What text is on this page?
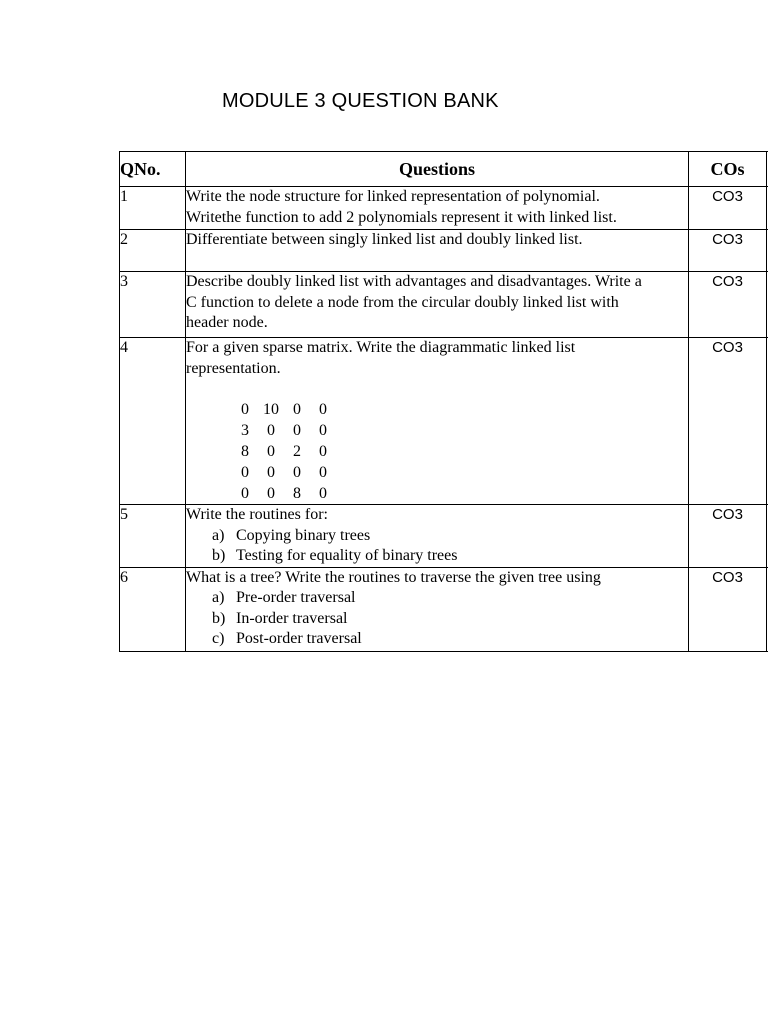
MODULE 3 QUESTION BANK
QNo.	Questions	COs	
1	Write the node structure for linked representation of polynomial.
Writethe function to add 2 polynomials represent it with linked list.
	CO3	
2	Differentiate between singly linked list and doubly linked list.	CO3	
3	Describe doubly linked list with advantages and disadvantages. Write a
C function to delete a node from the circular doubly linked list with
header node.
	CO3	
4	For a given sparse matrix. Write the diagrammatic linked list
representation.
0	10	0	0
3	0	0	0
8	0	2	0
0	0	0	0
0	0	8	0
	CO3	
5	Write the routines for:
a) Copying binary trees
b) Testing for equality of binary trees
	CO3	
6	What is a tree? Write the routines to traverse the given tree using
a) Pre-order traversal
b) In-order traversal
c) Post-order traversal
	CO3	
